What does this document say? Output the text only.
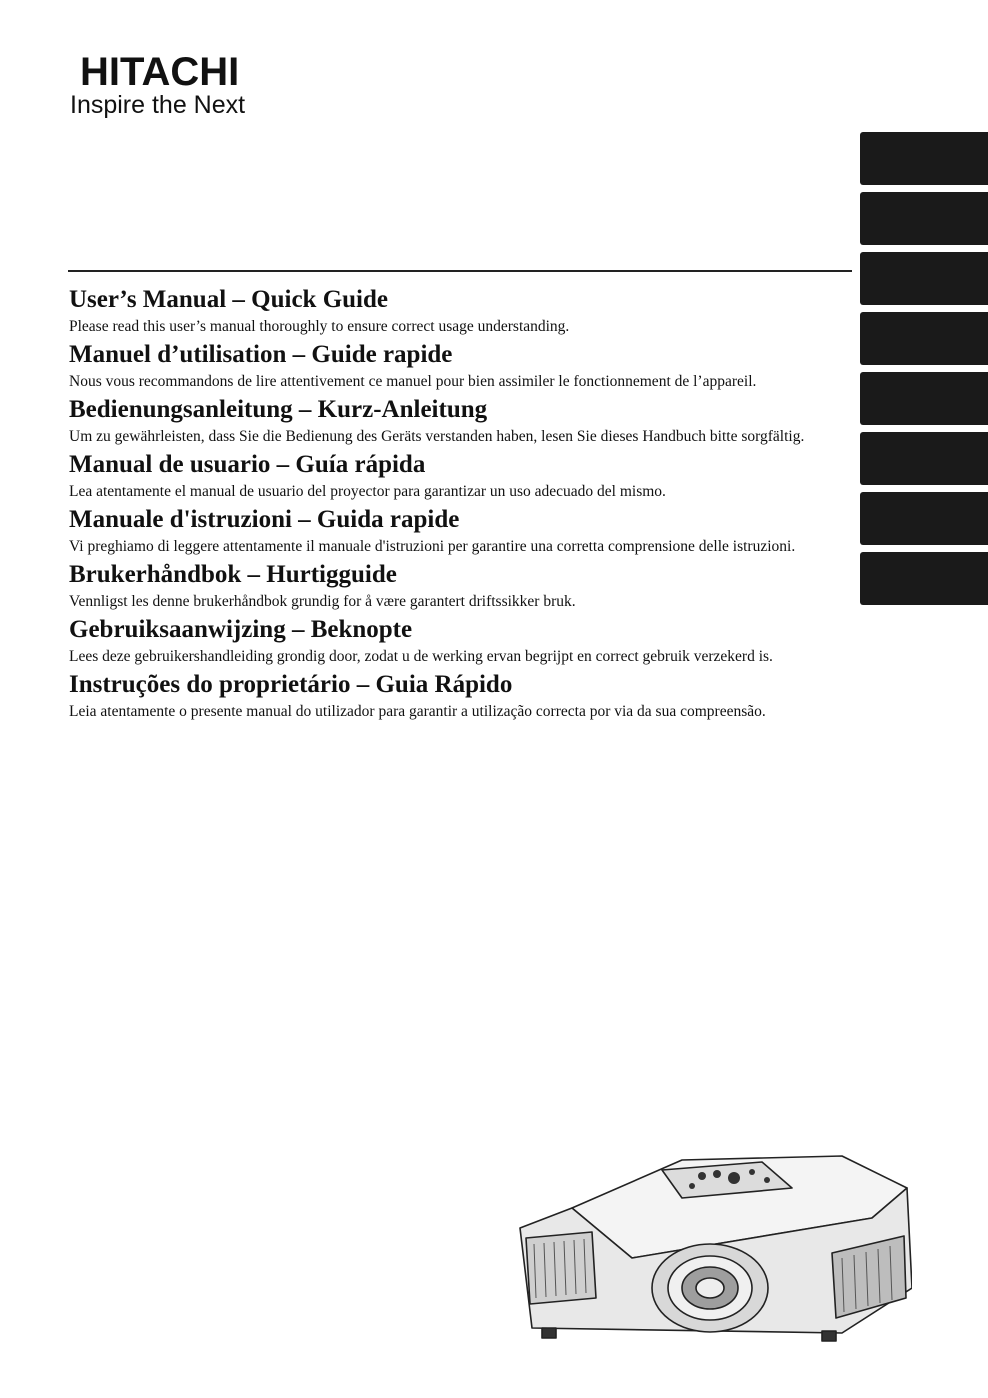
HITACHI
Inspire the Next
User’s Manual – Quick Guide

Please read this user’s manual thoroughly to ensure correct usage understanding.

Manuel d’utilisation – Guide rapide

Nous vous recommandons de lire attentivement ce manuel pour bien assimiler le fonctionnement de l’appareil.

Bedienungsanleitung – Kurz-Anleitung

Um zu gewährleisten, dass Sie die Bedienung des Geräts verstanden haben, lesen Sie dieses Handbuch bitte sorgfältig.

Manual de usuario – Guía rápida

Lea atentamente el manual de usuario del proyector para garantizar un uso adecuado del mismo.

Manuale d'istruzioni – Guida rapide

Vi preghiamo di leggere attentamente il manuale d'istruzioni per garantire una corretta comprensione delle istruzioni.

Brukerhåndbok – Hurtigguide

Vennligst les denne brukerhåndbok grundig for å være garantert driftssikker bruk.

Gebruiksaanwijzing – Beknopte

Lees deze gebruikershandleiding grondig door, zodat u de werking ervan begrijpt en correct gebruik verzekerd is.

Instruções do proprietário – Guia Rápido

Leia atentamente o presente manual do utilizador para garantir a utilização correcta por via da sua compreensão.
